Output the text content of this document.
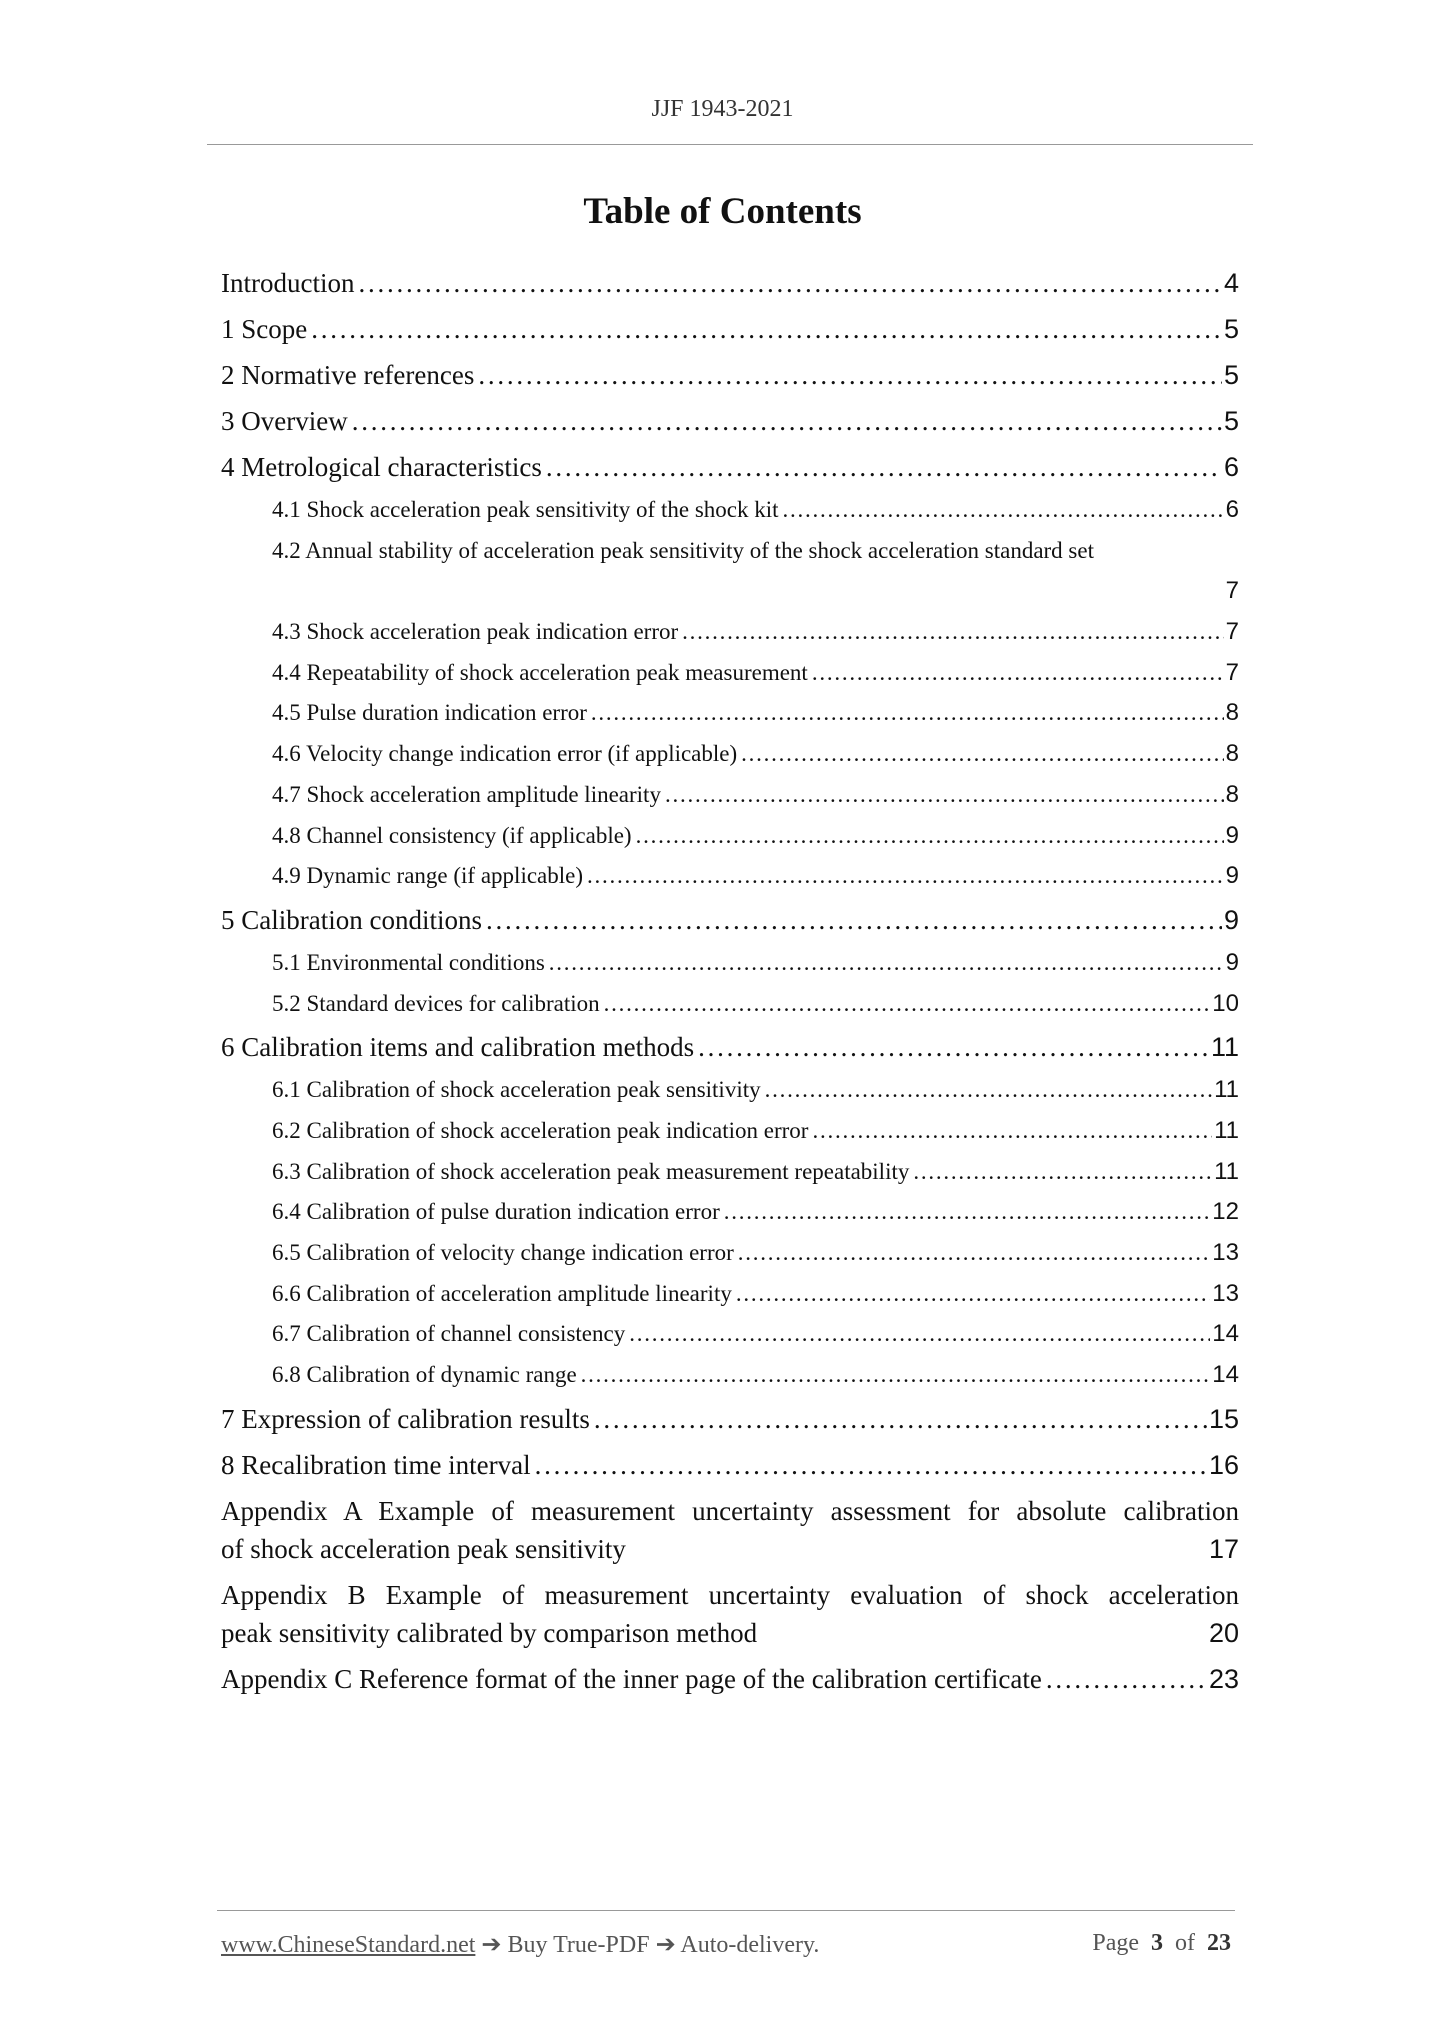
JJF 1943-2021
Table of Contents
Introduction . . .	4
1 Scope . . .	5
2 Normative references . . .	5
3 Overview . . .	5
4 Metrological characteristics . . .	6
4.1 Shock acceleration peak sensitivity of the shock kit . . .	6
4.2 Annual stability of acceleration peak sensitivity of the shock acceleration standard set
7
4.3 Shock acceleration peak indication error . . .	7
4.4 Repeatability of shock acceleration peak measurement . . .	7
4.5 Pulse duration indication error . . .	8
4.6 Velocity change indication error (if applicable) . . .	8
4.7 Shock acceleration amplitude linearity . . .	8
4.8 Channel consistency (if applicable) . . .	9
4.9 Dynamic range (if applicable) . . .	9
5 Calibration conditions . . .	9
5.1 Environmental conditions . . .	9
5.2 Standard devices for calibration . . .	10
6 Calibration items and calibration methods . . .	11
6.1 Calibration of shock acceleration peak sensitivity . . .	11
6.2 Calibration of shock acceleration peak indication error . . .	11
6.3 Calibration of shock acceleration peak measurement repeatability . . .	11
6.4 Calibration of pulse duration indication error . . .	12
6.5 Calibration of velocity change indication error . . .	13
6.6 Calibration of acceleration amplitude linearity . . .	13
6.7 Calibration of channel consistency . . .	14
6.8 Calibration of dynamic range . . .	14
7 Expression of calibration results . . .	15
8 Recalibration time interval . . .	16
Appendix A Example of measurement uncertainty assessment for absolute calibration
of shock acceleration peak sensitivity	17
Appendix B Example of measurement uncertainty evaluation of shock acceleration
peak sensitivity calibrated by comparison method	20
Appendix C Reference format of the inner page of the calibration certificate . . .	23
www.ChineseStandard.net ➔ Buy True-PDF ➔ Auto-delivery.	Page 3 of 23
